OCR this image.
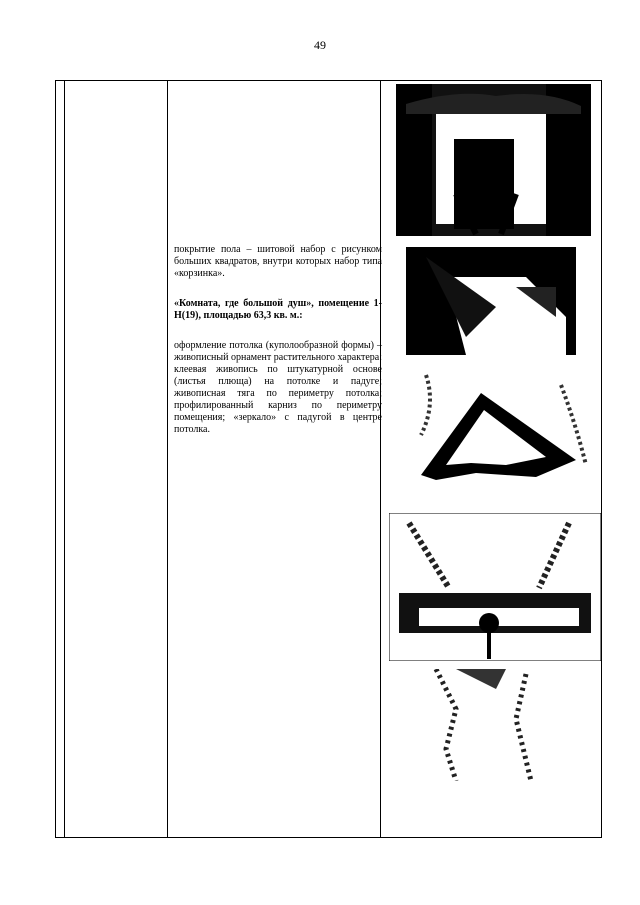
49

покрытие пола – шитовой набор с рисунком больших квадратов, внутри которых набор типа «корзинка».

«Комната, где большой душ», помещение 1-Н(19), площадью 63,3 кв. м.:

оформление потолка (куполообразной формы) – живописный орнамент растительного характера: клеевая живопись по штукатурной основе (листья плюща) на потолке и падуге; живописная тяга по периметру потолка; профилированный карниз по периметру помещения; «зеркало» с падугой в центре потолка.
